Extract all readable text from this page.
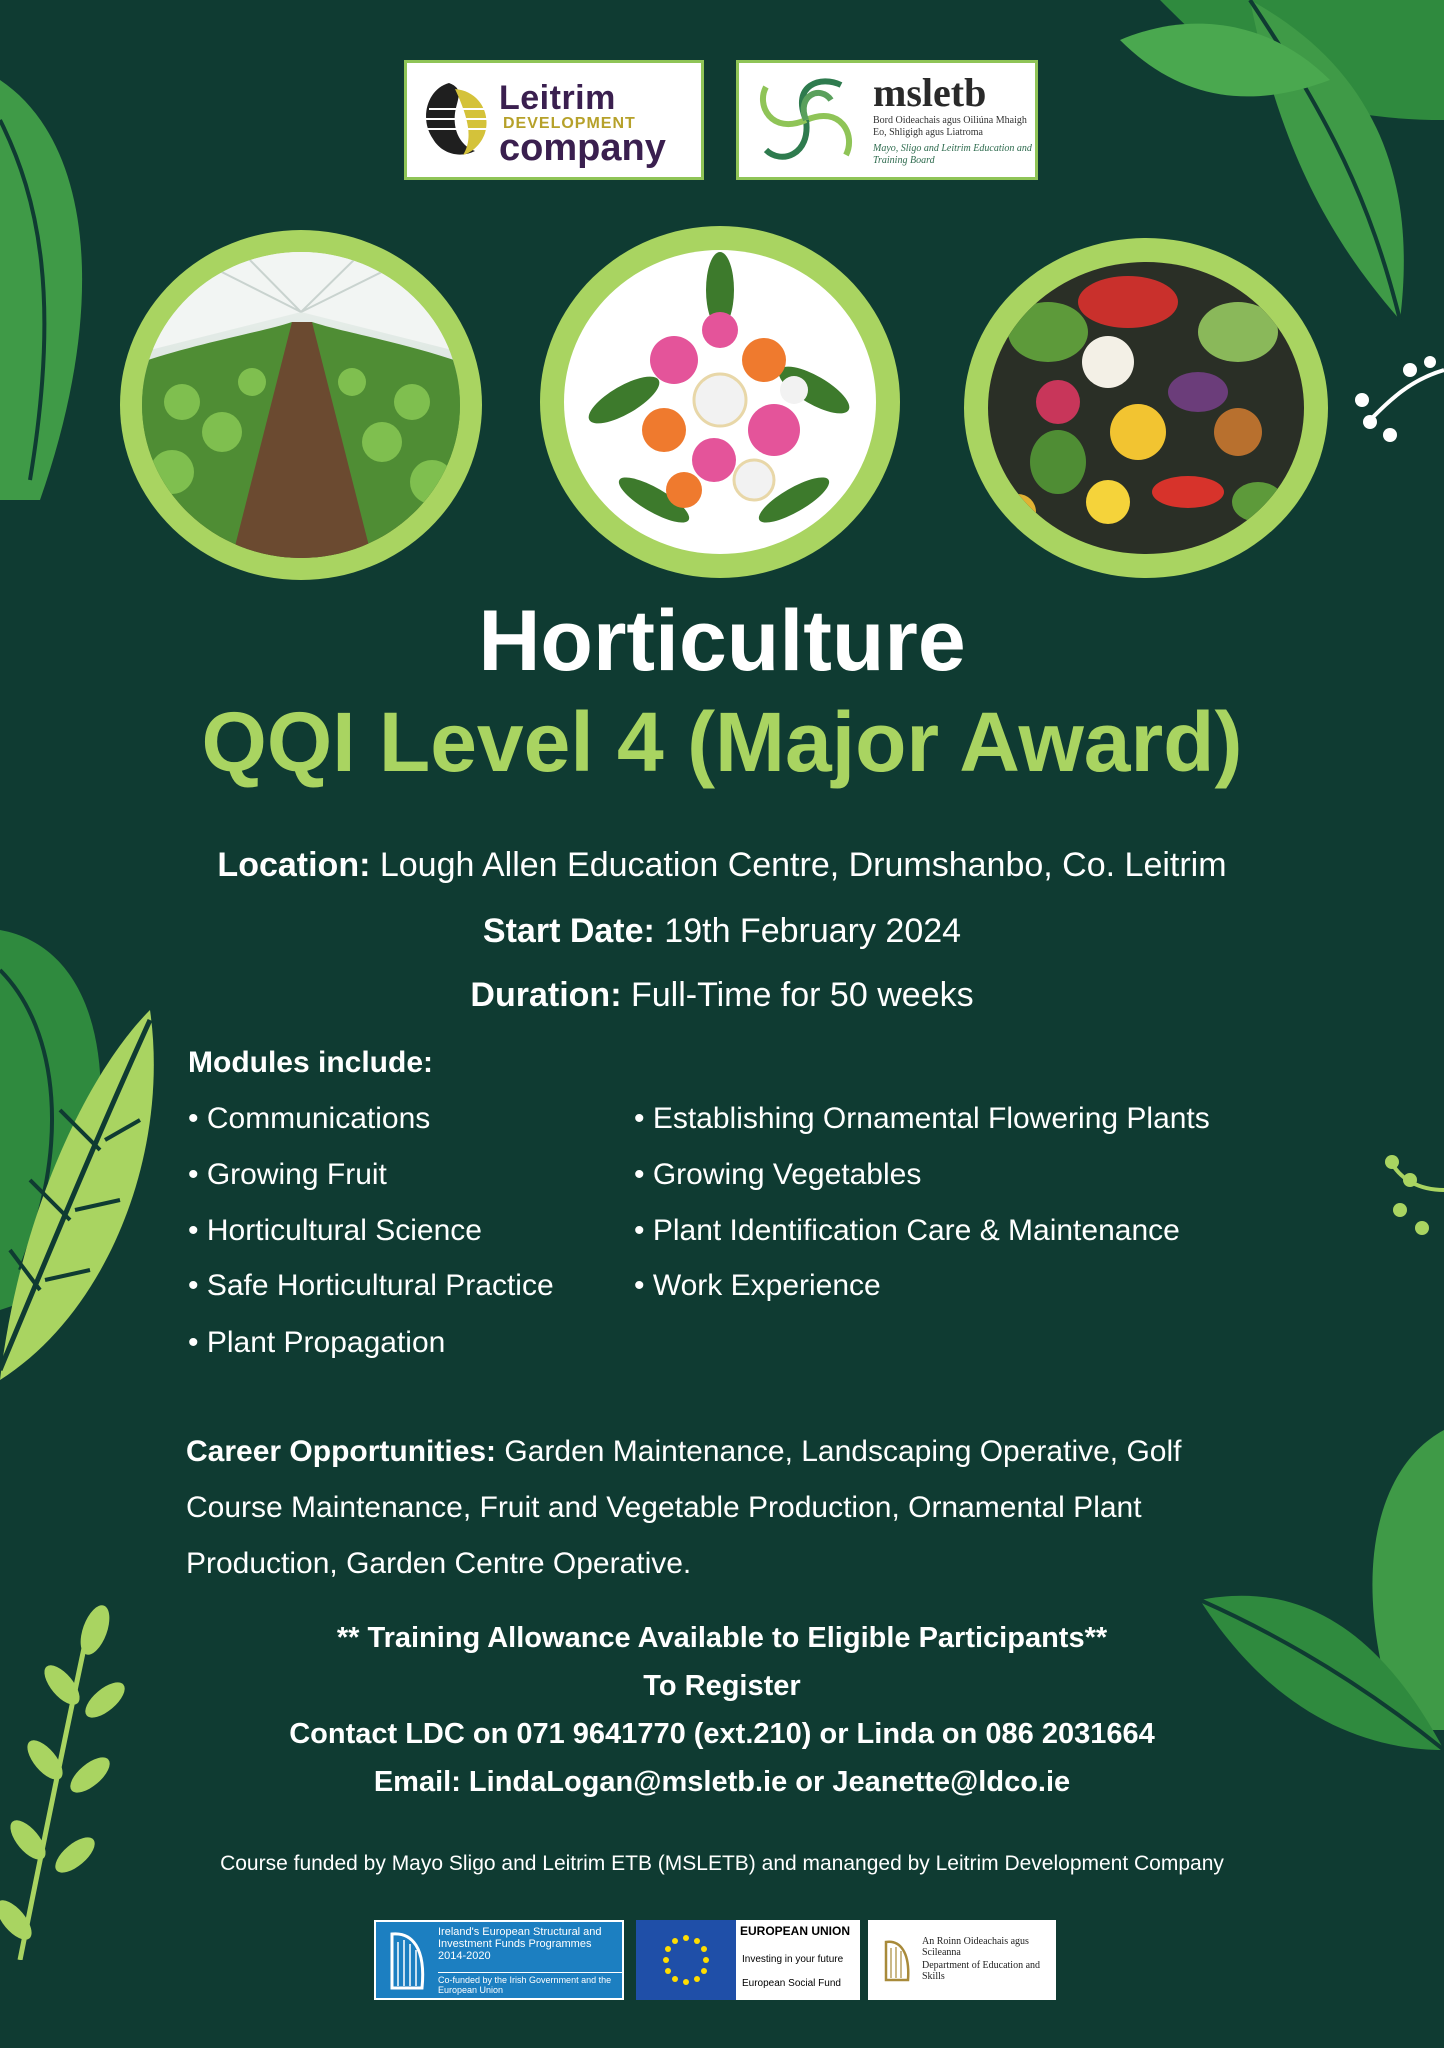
Leitrim
DEVELOPMENT
company
msletb
Bord Oideachais agus Oiliúna Mhaigh Eo, Shligigh agus Liatroma
Mayo, Sligo and Leitrim Education and Training Board
Horticulture
QQI Level 4 (Major Award)
Location: Lough Allen Education Centre, Drumshanbo, Co. Leitrim
Start Date: 19th February 2024
Duration: Full-Time for 50 weeks
Modules include:
• Communications
• Growing Fruit
• Horticultural Science
• Safe Horticultural Practice
• Plant Propagation
• Establishing Ornamental Flowering Plants
• Growing Vegetables
• Plant Identification Care & Maintenance
• Work Experience
Career Opportunities: Garden Maintenance, Landscaping Operative, Golf Course Maintenance, Fruit and Vegetable Production, Ornamental Plant Production, Garden Centre Operative.
** Training Allowance Available to Eligible Participants**
To Register
Contact LDC on 071 9641770 (ext.210) or Linda on 086 2031664
Email: LindaLogan@msletb.ie or Jeanette@ldco.ie
Course funded by Mayo Sligo and Leitrim ETB (MSLETB) and mananged by Leitrim Development Company
Ireland's European Structural and Investment Funds Programmes 2014-2020
Co-funded by the Irish Government and the European Union
EUROPEAN UNION
Investing in your future
European Social Fund
An Roinn Oideachais agus Scileanna
Department of Education and Skills
